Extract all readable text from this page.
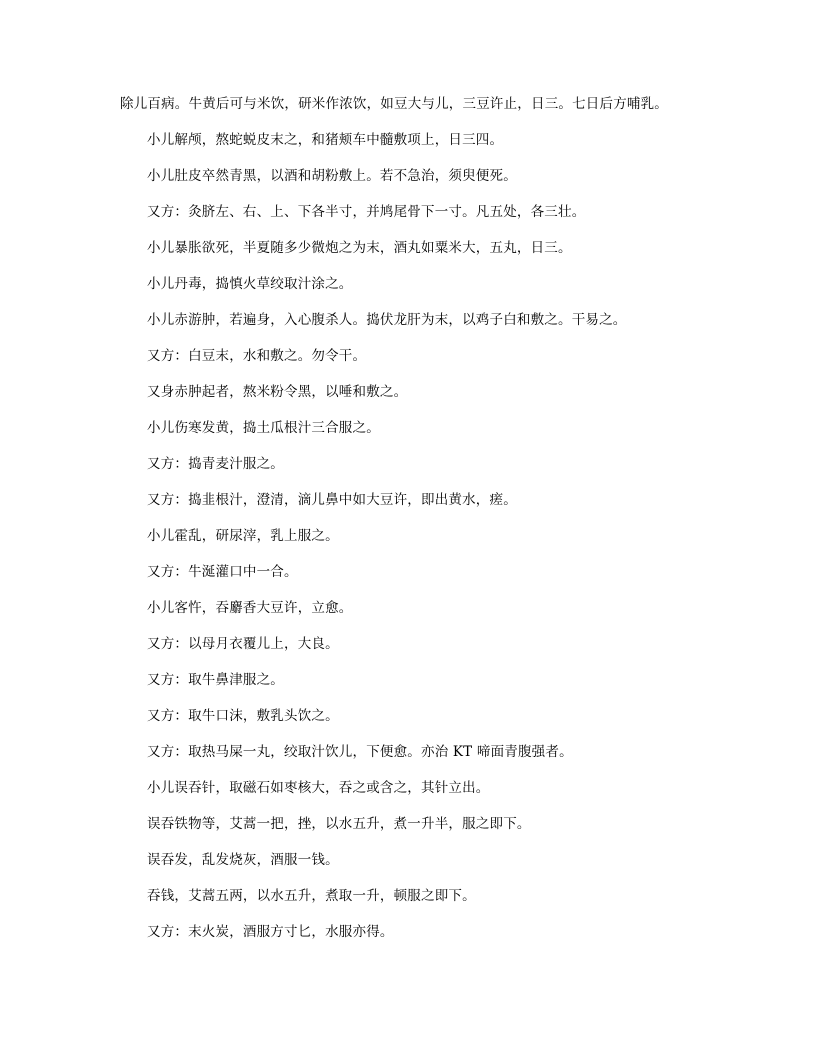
除儿百病。牛黄后可与米饮，研米作浓饮，如豆大与儿，三豆许止，日三。七日后方哺乳。
小儿解颅，熬蛇蜕皮末之，和猪颊车中髓敷项上，日三四。
小儿肚皮卒然青黑，以酒和胡粉敷上。若不急治，须臾便死。
又方：灸脐左、右、上、下各半寸，并鸠尾骨下一寸。凡五处，各三壮。
小儿暴胀欲死，半夏随多少微炮之为末，酒丸如粟米大，五丸，日三。
小儿丹毒，捣慎火草绞取汁涂之。
小儿赤游肿，若遍身，入心腹杀人。捣伏龙肝为末，以鸡子白和敷之。干易之。
又方：白豆末，水和敷之。勿令干。
又身赤肿起者，熬米粉令黑，以唾和敷之。
小儿伤寒发黄，捣土瓜根汁三合服之。
又方：捣青麦汁服之。
又方：捣韭根汁，澄清，滴儿鼻中如大豆许，即出黄水，瘥。
小儿霍乱，研尿滓，乳上服之。
又方：牛涎灌口中一合。
小儿客忤，吞麝香大豆许，立愈。
又方：以母月衣覆儿上，大良。
又方：取牛鼻津服之。
又方：取牛口沫，敷乳头饮之。
又方：取热马屎一丸，绞取汁饮儿，下便愈。亦治 KT 啼面青腹强者。
小儿误吞针，取磁石如枣核大，吞之或含之，其针立出。
误吞铁物等，艾蒿一把，挫，以水五升，煮一升半，服之即下。
误吞发，乱发烧灰，酒服一钱。
吞钱，艾蒿五两，以水五升，煮取一升，顿服之即下。
又方：末火炭，酒服方寸匕，水服亦得。
